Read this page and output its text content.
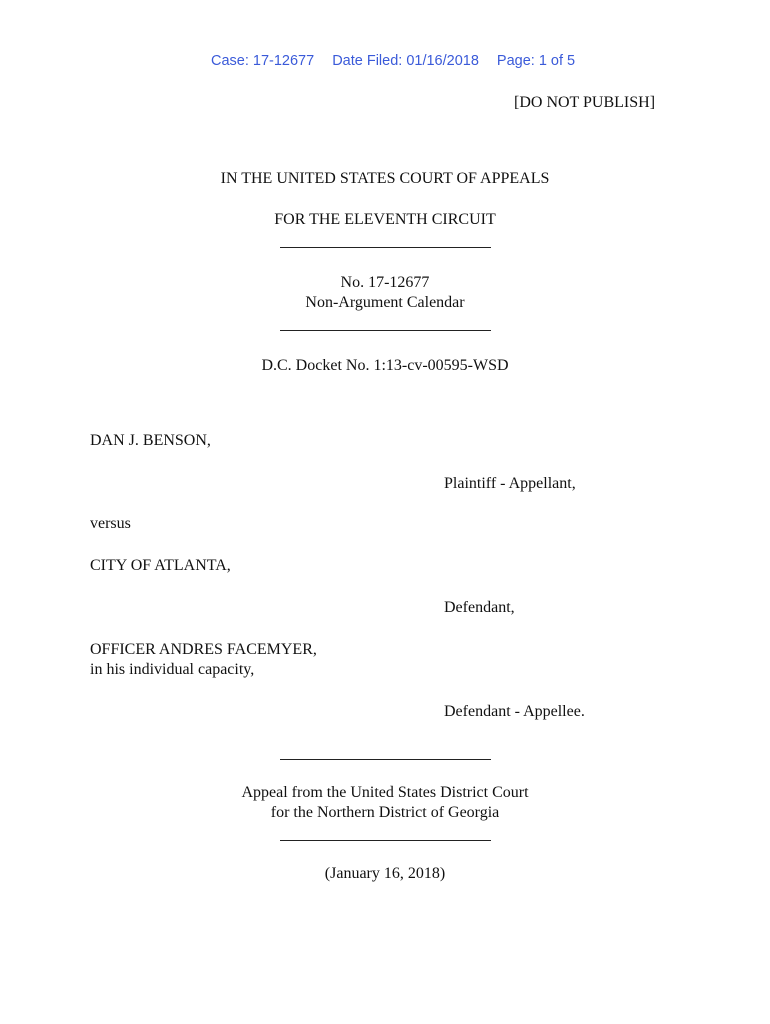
Case: 17-12677 Date Filed: 01/16/2018 Page: 1 of 5

[DO NOT PUBLISH]
IN THE UNITED STATES COURT OF APPEALS
FOR THE ELEVENTH CIRCUIT
No. 17-12677
Non-Argument Calendar
D.C. Docket No. 1:13-cv-00595-WSD
DAN J. BENSON,
Plaintiff - Appellant,
versus
CITY OF ATLANTA,
Defendant,
OFFICER ANDRES FACEMYER,
in his individual capacity,
Defendant - Appellee.
Appeal from the United States District Court
for the Northern District of Georgia
(January 16, 2018)
